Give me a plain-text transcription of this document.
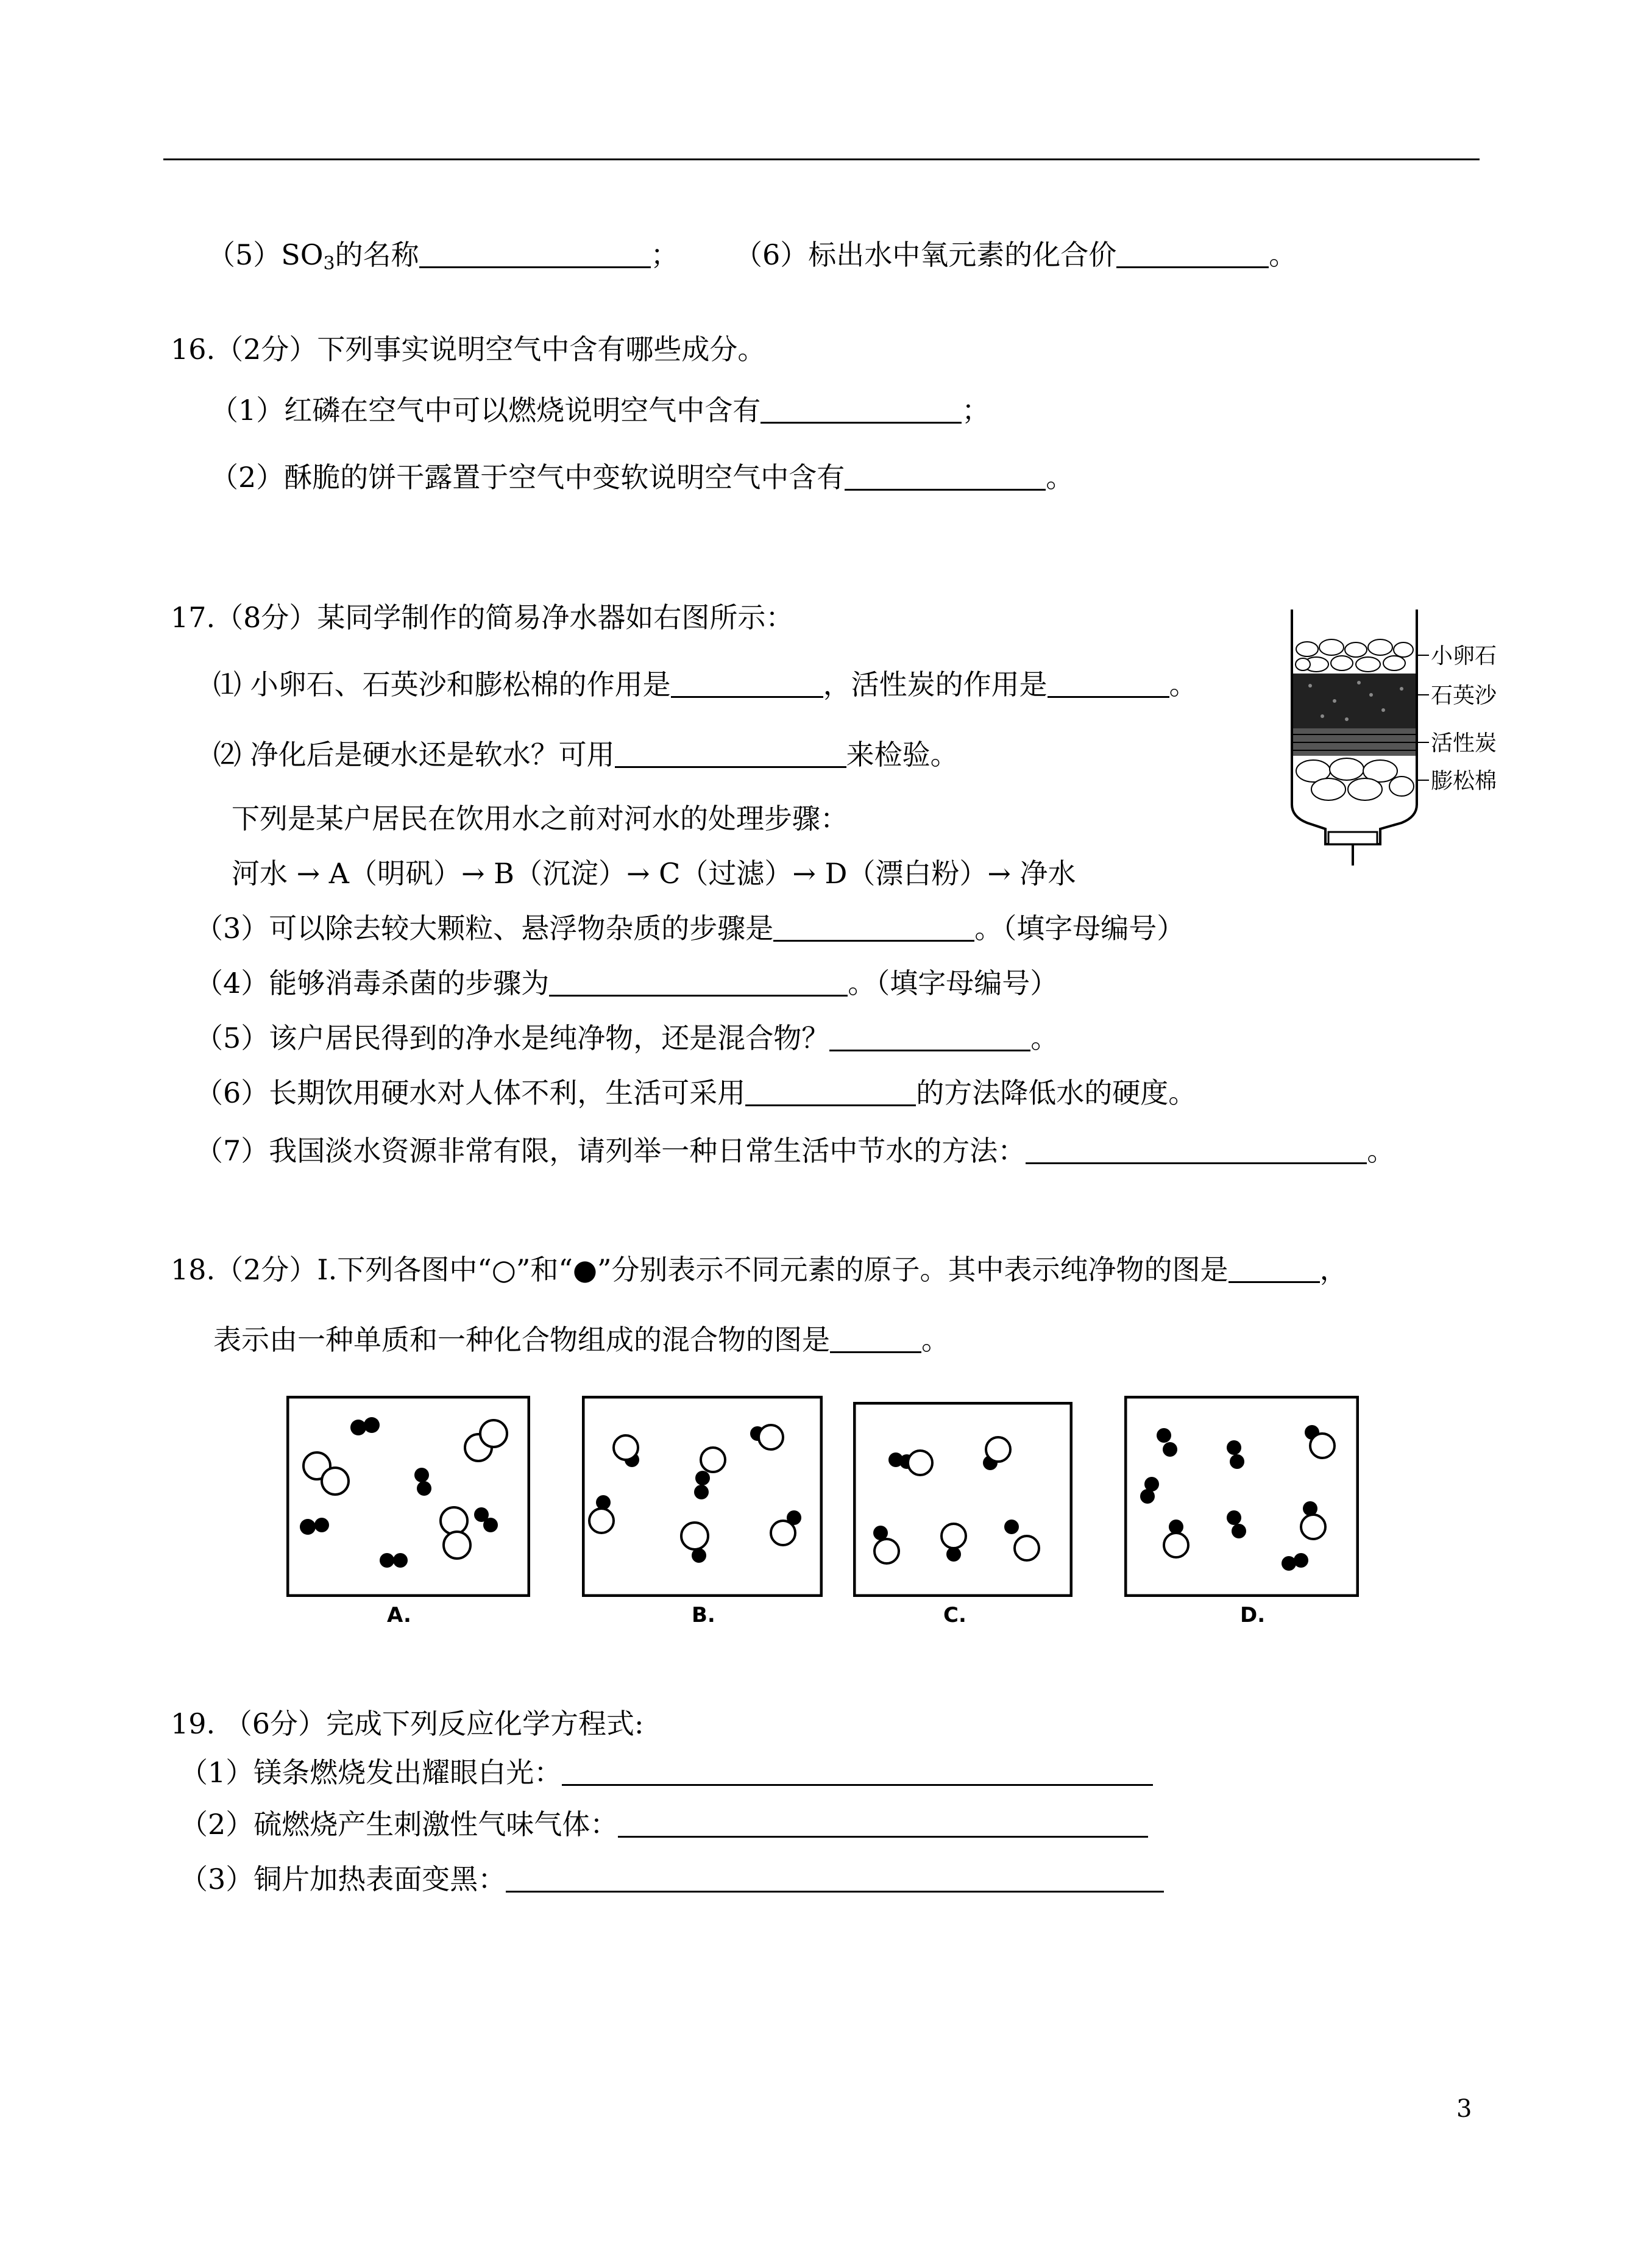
$(5)SO_3$的名称	； （6）标出水中氧元素的化合价	。
16.（2分）下列事实说明空气中含有哪些成分。
（1）红磷在空气中可以燃烧说明空气中含有	；
（2）酥脆的饼干露置于空气中变软说明空气中含有	。
17.（8分）某同学制作的简易净水器如右图所示：
⑴ 小卵石、石英沙和膨松棉的作用是	，活性炭的作用是	。
⑵ 净化后是硬水还是软水？可用	来检验。
下列是某户居民在饮用水之前对河水的处理步骤：
河水 → A（明矾）→ B（沉淀）→ C（过滤）→ D（漂白粉）→ 净水
（3）可以除去较大颗粒、悬浮物杂质的步骤是	。（填字母编号）
（4）能够消毒杀菌的步骤为	。（填字母编号）
（5）该户居民得到的净水是纯净物，还是混合物？	。
（6）长期饮用硬水对人体不利，生活可采用	的方法降低水的硬度。
（7）我国淡水资源非常有限，请列举一种日常生活中节水的方法：	。
小卵石
石英沙
活性炭
膨松棉
18.（2分）I.下列各图中“○”和“●”分别表示不同元素的原子。其中表示纯净物的图是	，
表示由一种单质和一种化合物组成的混合物的图是	。
A.	B.	C.	D.
19. （6分）完成下列反应化学方程式:
（1）镁条燃烧发出耀眼白光：
（2）硫燃烧产生刺激性气味气体：
（3）铜片加热表面变黑：
3
